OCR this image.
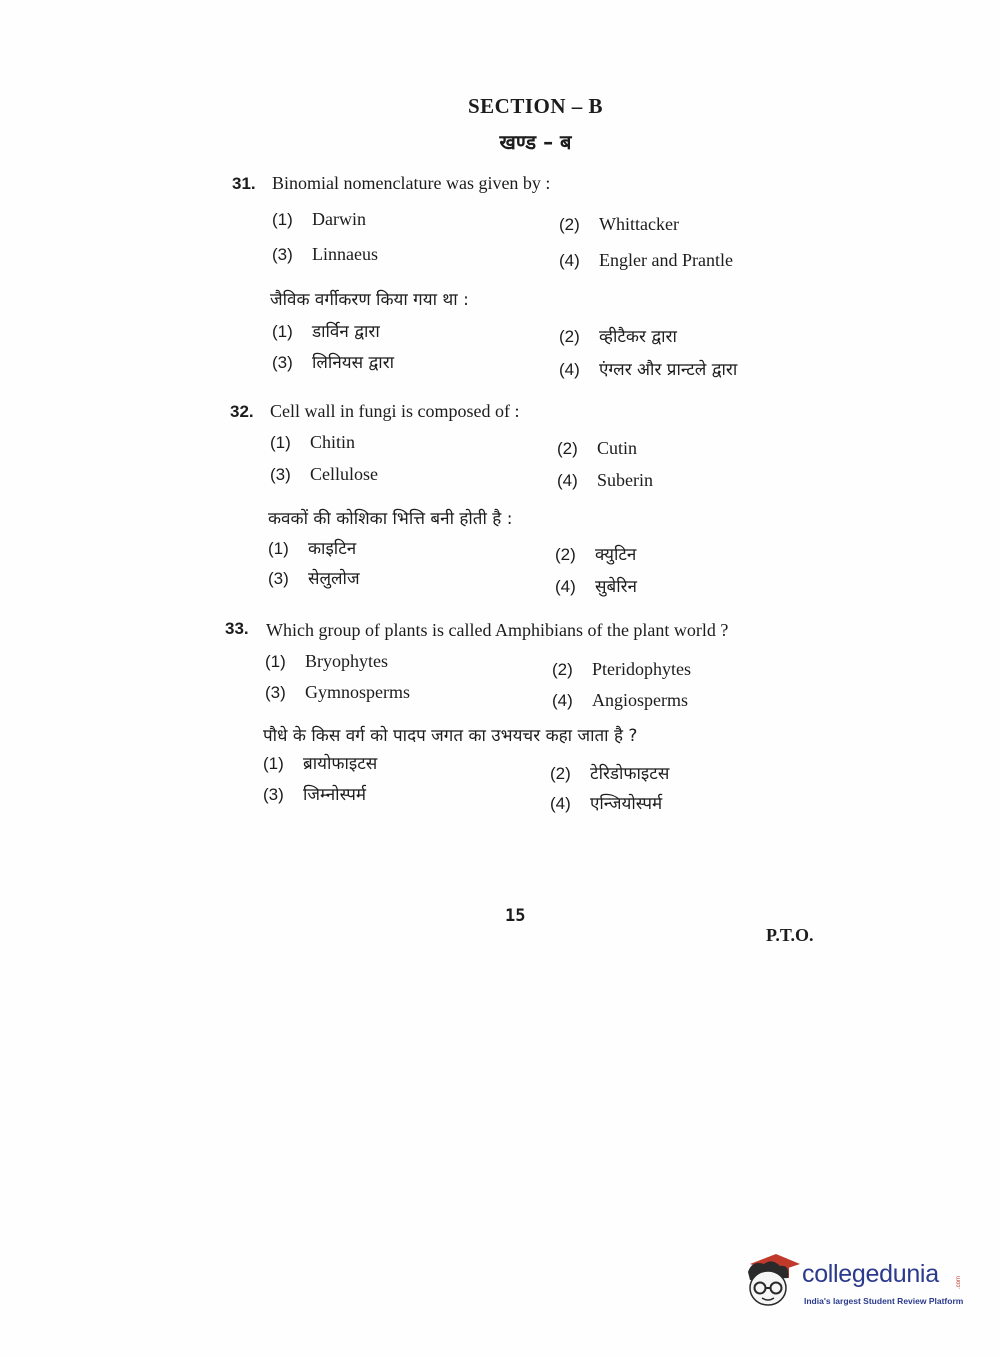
SECTION – B
खण्ड – ब
31. Binomial nomenclature was given by :
(1) Darwin	(2) Whittacker
(3) Linnaeus	(4) Engler and Prantle
जैविक वर्गीकरण किया गया था :
(1) डार्विन द्वारा	(2) व्हीटैकर द्वारा
(3) लिनियस द्वारा	(4) एंग्लर और प्रान्टले द्वारा
32. Cell wall in fungi is composed of :
(1) Chitin	(2) Cutin
(3) Cellulose	(4) Suberin
कवकों की कोशिका भित्ति बनी होती है :
(1) काइटिन	(2) क्युटिन
(3) सेलुलोज	(4) सुबेरिन
33. Which group of plants is called Amphibians of the plant world ?
(1) Bryophytes	(2) Pteridophytes
(3) Gymnosperms	(4) Angiosperms
पौधे के किस वर्ग को पादप जगत का उभयचर कहा जाता है ?
(1) ब्रायोफाइटस	(2) टेरिडोफाइटस
(3) जिम्नोस्पर्म	(4) एन्जियोस्पर्म
15
P.T.O.
collegedunia	.com
India's largest Student Review Platform
